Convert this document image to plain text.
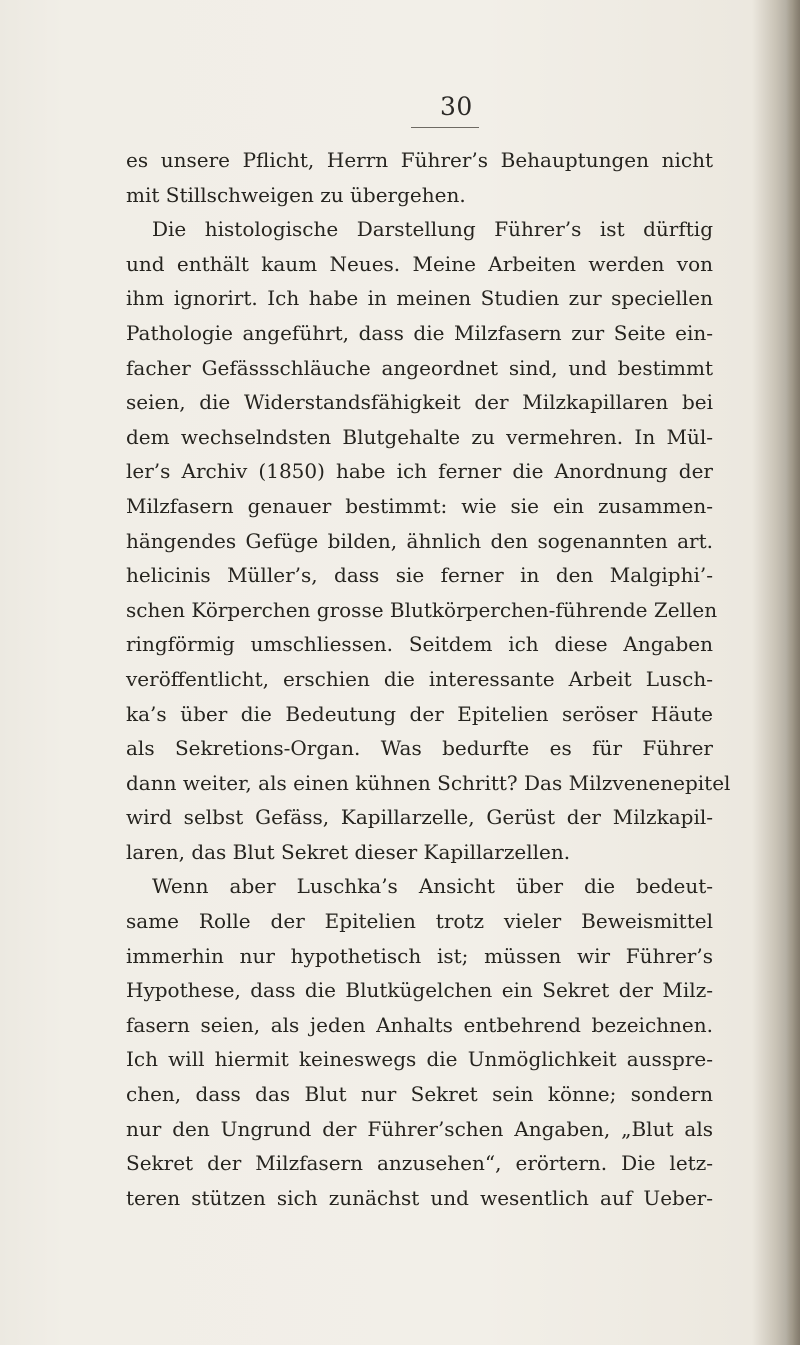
30
es unsere Pflicht, Herrn Führer’s Behauptungen nicht
mit Stillschweigen zu übergehen.
Die histologische Darstellung Führer’s ist dürftig
und enthält kaum Neues. Meine Arbeiten werden von
ihm ignorirt. Ich habe in meinen Studien zur speciellen
Pathologie angeführt, dass die Milzfasern zur Seite ein-
facher Gefässschläuche angeordnet sind, und bestimmt
seien, die Widerstandsfähigkeit der Milzkapillaren bei
dem wechselndsten Blutgehalte zu vermehren. In Mül-
ler’s Archiv (1850) habe ich ferner die Anordnung der
Milzfasern genauer bestimmt: wie sie ein zusammen-
hängendes Gefüge bilden, ähnlich den sogenannten art.
helicinis Müller’s, dass sie ferner in den Malgiphi’-
schen Körperchen grosse Blutkörperchen-führende Zellen
ringförmig umschliessen. Seitdem ich diese Angaben
veröffentlicht, erschien die interessante Arbeit Lusch-
ka’s über die Bedeutung der Epitelien seröser Häute
als Sekretions-Organ. Was bedurfte es für Führer
dann weiter, als einen kühnen Schritt? Das Milzvenenepitel
wird selbst Gefäss, Kapillarzelle, Gerüst der Milzkapil-
laren, das Blut Sekret dieser Kapillarzellen.
Wenn aber Luschka’s Ansicht über die bedeut-
same Rolle der Epitelien trotz vieler Beweismittel
immerhin nur hypothetisch ist; müssen wir Führer’s
Hypothese, dass die Blutkügelchen ein Sekret der Milz-
fasern seien, als jeden Anhalts entbehrend bezeichnen.
Ich will hiermit keineswegs die Unmöglichkeit ausspre-
chen, dass das Blut nur Sekret sein könne; sondern
nur den Ungrund der Führer’schen Angaben, „Blut als
Sekret der Milzfasern anzusehen“, erörtern. Die letz-
teren stützen sich zunächst und wesentlich auf Ueber-
